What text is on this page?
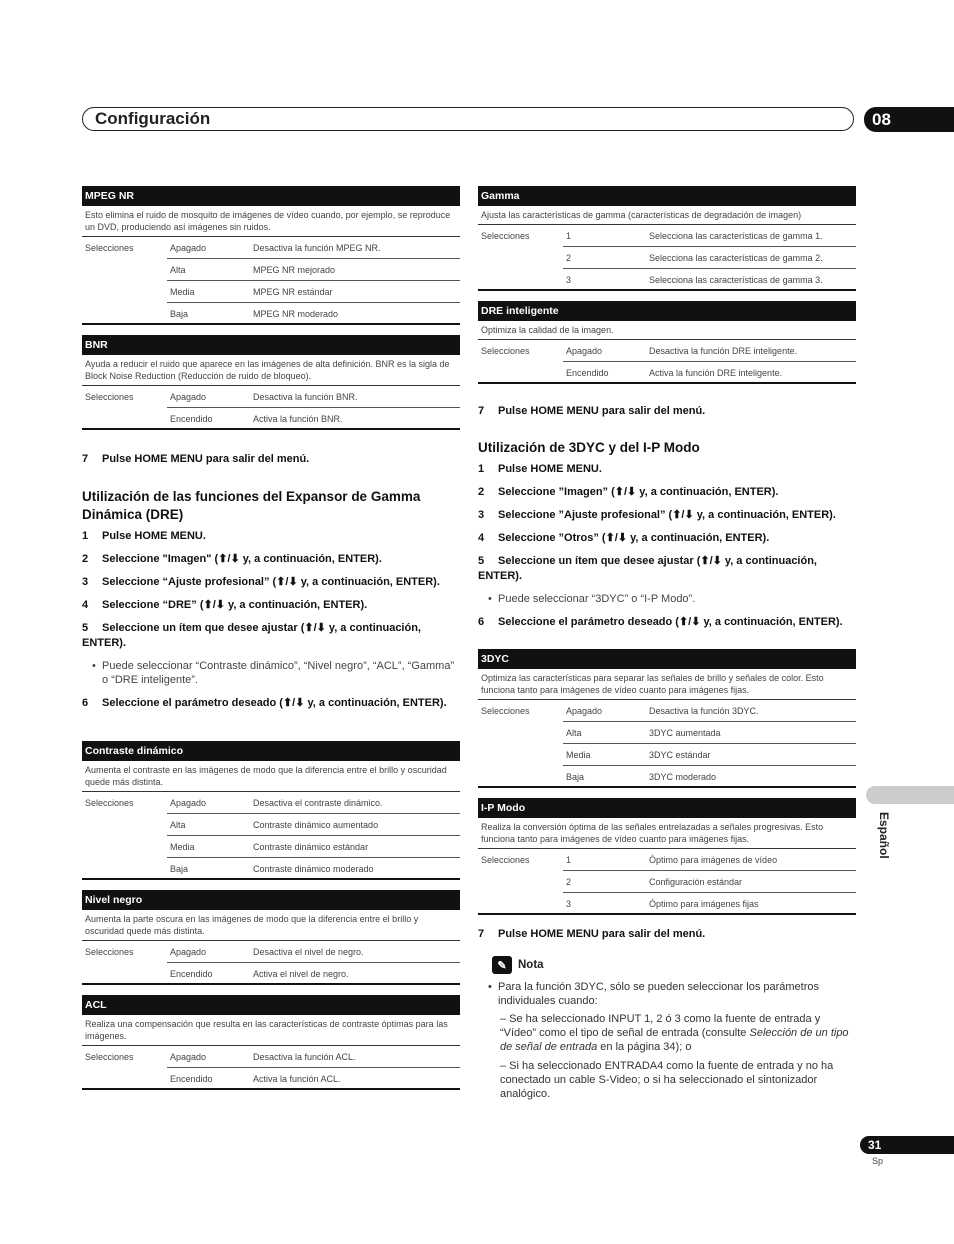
Configuración	08
Español
31
Sp
MPEG NR
Esto elimina el ruido de mosquito de imágenes de vídeo cuando, por ejemplo, se reproduce un DVD, produciendo así imágenes sin ruidos.
Selecciones	Apagado	Desactiva la función MPEG NR.
Alta	MPEG NR mejorado
Media	MPEG NR estándar
Baja	MPEG NR moderado
BNR
Ayuda a reducir el ruido que aparece en las imágenes de alta definición. BNR es la sigla de Block Noise Reduction (Reducción de ruido de bloqueo).
Selecciones	Apagado	Desactiva la función BNR.
Encendido	Activa la función BNR.

7 Pulse HOME MENU para salir del menú.

Utilización de las funciones del Expansor de Gamma Dinámica (DRE)

1 Pulse HOME MENU.

2 Seleccione "Imagen" (⬆/⬇ y, a continuación, ENTER).

3 Seleccione “Ajuste profesional” (⬆/⬇ y, a continuación, ENTER).

4 Seleccione “DRE” (⬆/⬇ y, a continuación, ENTER).

5 Seleccione un ítem que desee ajustar (⬆/⬇ y, a continuación, ENTER).

• Puede seleccionar “Contraste dinámico”, “Nivel negro”, “ACL”, “Gamma” o “DRE inteligente”.

6 Seleccione el parámetro deseado (⬆/⬇ y, a continuación, ENTER).

Contraste dinámico
Aumenta el contraste en las imágenes de modo que la diferencia entre el brillo y oscuridad quede más distinta.
Selecciones	Apagado	Desactiva el contraste dinámico.
Alta	Contraste dinámico aumentado
Media	Contraste dinámico estándar
Baja	Contraste dinámico moderado
Nivel negro
Aumenta la parte oscura en las imágenes de modo que la diferencia entre el brillo y oscuridad quede más distinta.
Selecciones	Apagado	Desactiva el nivel de negro.
Encendido	Activa el nivel de negro.
ACL
Realiza una compensación que resulta en las características de contraste óptimas para las imágenes.
Selecciones	Apagado	Desactiva la función ACL.
Encendido	Activa la función ACL.
Gamma
Ajusta las características de gamma (características de degradación de imagen)
Selecciones	1	Selecciona las características de gamma 1.
2	Selecciona las características de gamma 2.
3	Selecciona las características de gamma 3.
DRE inteligente
Optimiza la calidad de la imagen.
Selecciones	Apagado	Desactiva la función DRE inteligente.
Encendido	Activa la función DRE inteligente.

7 Pulse HOME MENU para salir del menú.

Utilización de 3DYC y del I-P Modo

1 Pulse HOME MENU.

2 Seleccione ”Imagen” (⬆/⬇ y, a continuación, ENTER).

3 Seleccione ”Ajuste profesional” (⬆/⬇ y, a continuación, ENTER).

4 Seleccione ”Otros” (⬆/⬇ y, a continuación, ENTER).

5 Seleccione un ítem que desee ajustar (⬆/⬇ y, a continuación, ENTER).

• Puede seleccionar “3DYC” o “I-P Modo”.

6 Seleccione el parámetro deseado (⬆/⬇ y, a continuación, ENTER).

3DYC
Optimiza las características para separar las señales de brillo y señales de color. Esto funciona tanto para imágenes de vídeo cuanto para imágenes fijas.
Selecciones	Apagado	Desactiva la función 3DYC.
Alta	3DYC aumentada
Media	3DYC estándar
Baja	3DYC moderado
I-P Modo
Realiza la conversión óptima de las señales entrelazadas a señales progresivas. Esto funciona tanto para imágenes de vídeo cuanto para imágenes fijas.
Selecciones	1	Óptimo para imágenes de vídeo
2	Configuración estándar
3	Óptimo para imágenes fijas

7 Pulse HOME MENU para salir del menú.

✎ Nota
• Para la función 3DYC, sólo se pueden seleccionar los parámetros individuales cuando:
– Se ha seleccionado INPUT 1, 2 ó 3 como la fuente de entrada y “Vídeo” como el tipo de señal de entrada (consulte Selección de un tipo de señal de entrada en la página 34); o
– Si ha seleccionado ENTRADA4 como la fuente de entrada y no ha conectado un cable S-Video; o si ha seleccionado el sintonizador analógico.
